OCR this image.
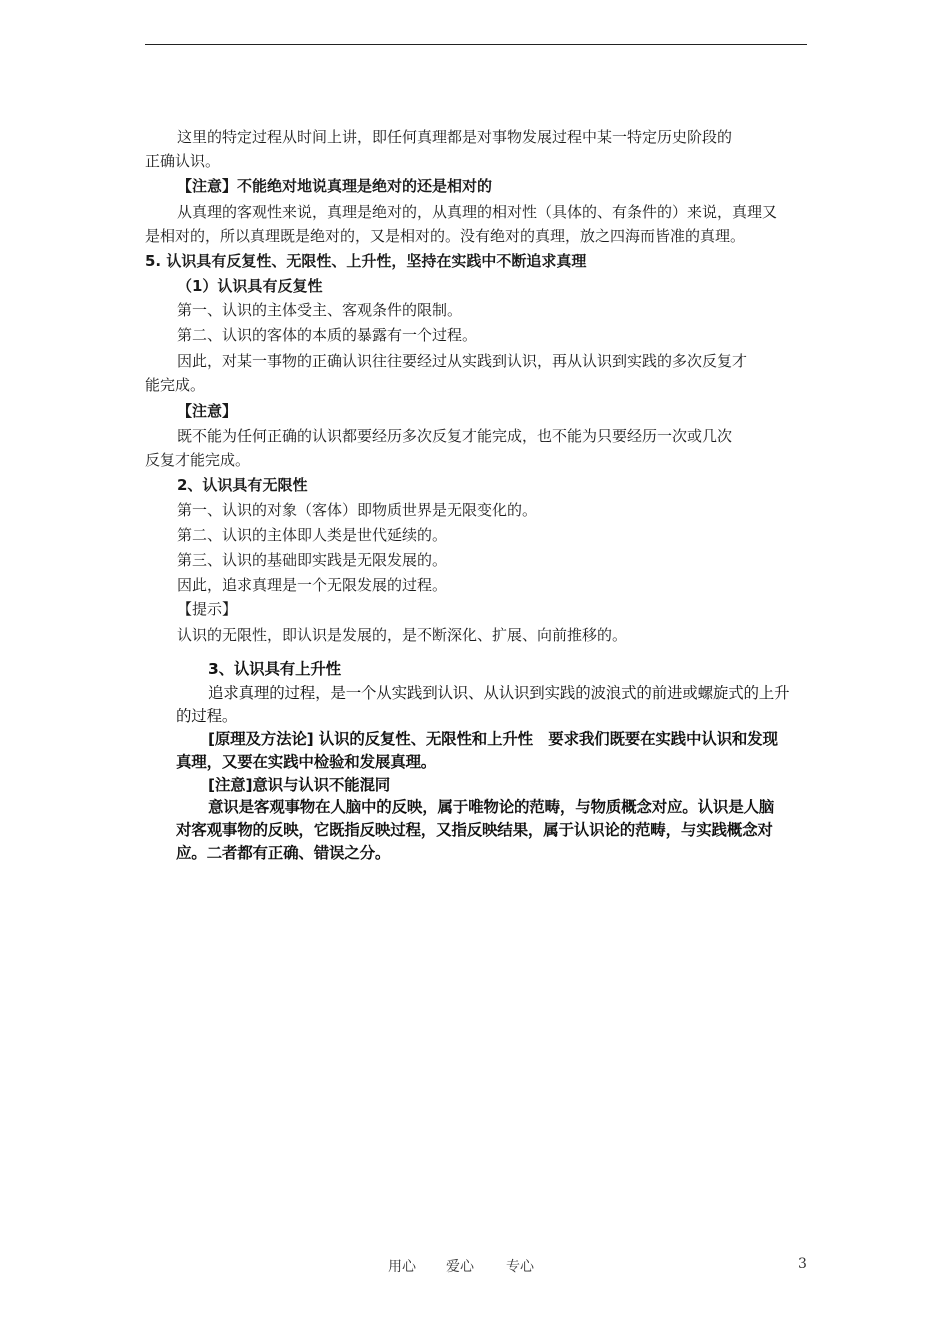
这里的特定过程从时间上讲，即任何真理都是对事物发展过程中某一特定历史阶段的
正确认识。
【注意】不能绝对地说真理是绝对的还是相对的
从真理的客观性来说，真理是绝对的，从真理的相对性（具体的、有条件的）来说，真理又
是相对的，所以真理既是绝对的，又是相对的。没有绝对的真理，放之四海而皆准的真理。
5. 认识具有反复性、无限性、上升性，坚持在实践中不断追求真理
（1）认识具有反复性
第一、认识的主体受主、客观条件的限制。
第二、认识的客体的本质的暴露有一个过程。
因此，对某一事物的正确认识往往要经过从实践到认识，再从认识到实践的多次反复才
能完成。
【注意】
既不能为任何正确的认识都要经历多次反复才能完成，也不能为只要经历一次或几次
反复才能完成。
2、认识具有无限性
第一、认识的对象（客体）即物质世界是无限变化的。
第二、认识的主体即人类是世代延续的。
第三、认识的基础即实践是无限发展的。
因此，追求真理是一个无限发展的过程。
【提示】
认识的无限性，即认识是发展的，是不断深化、扩展、向前推移的。
3、认识具有上升性
追求真理的过程，是一个从实践到认识、从认识到实践的波浪式的前进或螺旋式的上升
的过程。
[原理及方法论] 认识的反复性、无限性和上升性　要求我们既要在实践中认识和发现
真理，又要在实践中检验和发展真理。
[注意]意识与认识不能混同
意识是客观事物在人脑中的反映，属于唯物论的范畴，与物质概念对应。认识是人脑
对客观事物的反映，它既指反映过程，又指反映结果，属于认识论的范畴，与实践概念对
应。二者都有正确、错误之分。
用心 爱心 专心	3
